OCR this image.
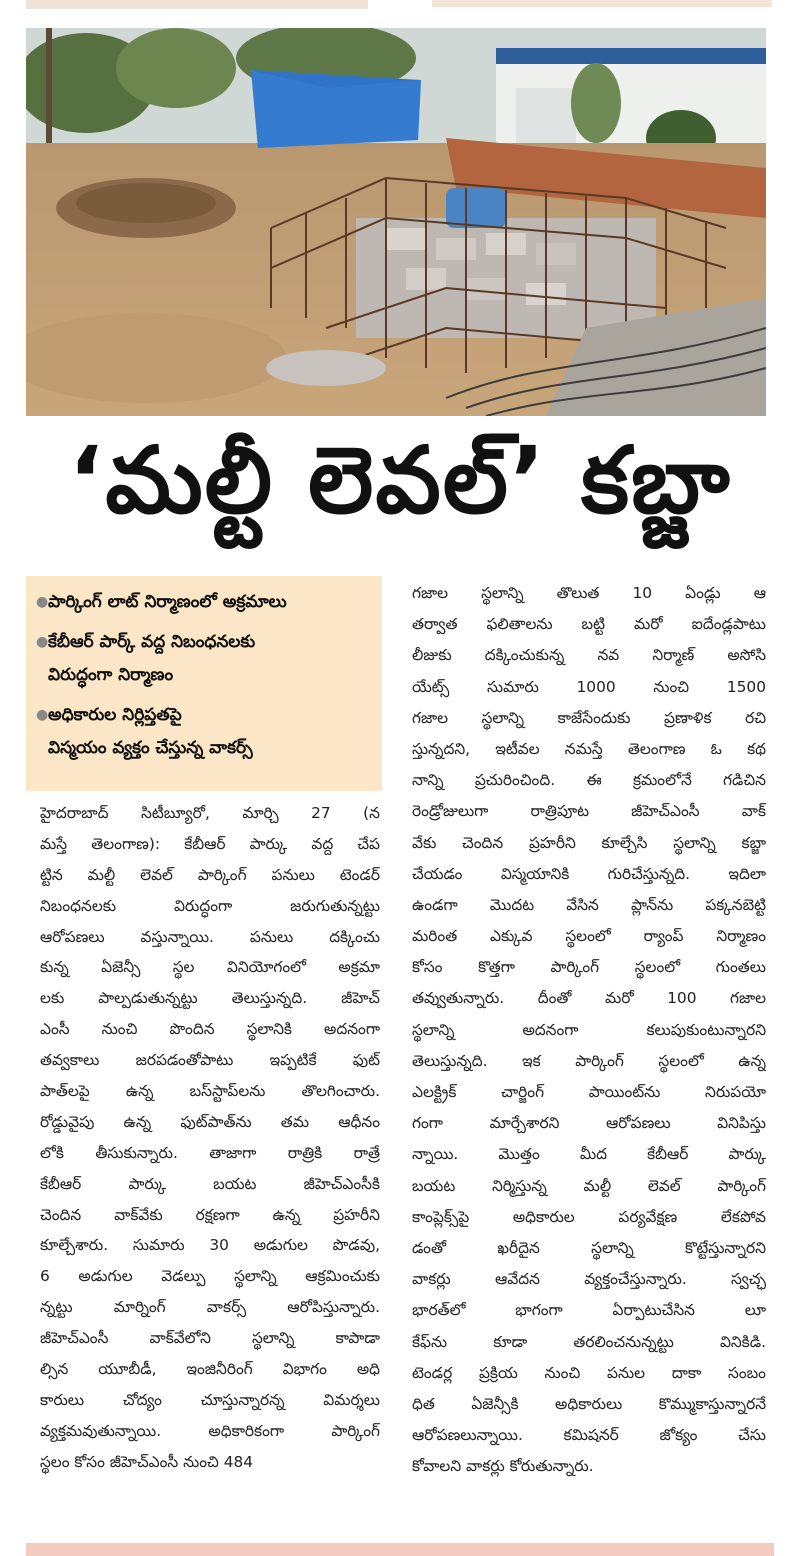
‘మల్టీ లెవల్’ కబ్జా
● పార్కింగ్ లాట్ నిర్మాణంలో అక్రమాలు
● కేబీఆర్ పార్క్ వద్ద నిబంధనలకు
విరుద్ధంగా నిర్మాణం
● అధికారుల నిర్లిప్తతపై
విస్మయం వ్యక్తం చేస్తున్న వాకర్స్
హైదరాబాద్ సిటీబ్యూరో, మార్చి 27 (న
మస్తే తెలంగాణ): కేబీఆర్ పార్కు వద్ద చేప
ట్టిన మల్టీ లెవల్ పార్కింగ్ పనులు టెండర్
నిబంధనలకు విరుద్ధంగా జరుగుతున్నట్టు
ఆరోపణలు వస్తున్నాయి. పనులు దక్కించు
కున్న ఏజెన్సీ స్థల వినియోగంలో అక్రమా
లకు పాల్పడుతున్నట్టు తెలుస్తున్నది. జీహెచ్
ఎంసీ నుంచి పొందిన స్థలానికి అదనంగా
తవ్వకాలు జరపడంతోపాటు ఇప్పటికే ఫుట్
పాత్‌లపై ఉన్న బస్‌స్టాప్‌లను తొలగించారు.
రోడ్డువైపు ఉన్న ఫుట్‌పాత్‌ను తమ ఆధీనం
లోకి తీసుకున్నారు. తాజాగా రాత్రికి రాత్రే
కేబీఆర్ పార్కు బయట జీహెచ్‌ఎంసీకి
చెందిన వాక్‌వేకు రక్షణగా ఉన్న ప్రహరీని
కూల్చేశారు. సుమారు 30 అడుగుల పొడవు,
6 అడుగుల వెడల్పు స్థలాన్ని ఆక్రమించుకు
న్నట్టు మార్నింగ్ వాకర్స్ ఆరోపిస్తున్నారు.
జీహెచ్‌ఎంసీ వాక్‌వేలోని స్థలాన్ని కాపాడా
ల్సిన యూబీడీ, ఇంజినీరింగ్ విభాగం అధి
కారులు చోద్యం చూస్తున్నారన్న విమర్శలు
వ్యక్తమవుతున్నాయి. అధికారికంగా పార్కింగ్
స్థలం కోసం జీహెచ్‌ఎంసీ నుంచి 484
గజాల స్థలాన్ని తొలుత 10 ఏండ్లు ఆ
తర్వాత ఫలితాలను బట్టి మరో ఐదేండ్లపాటు
లీజుకు దక్కించుకున్న నవ నిర్మాణ్ అసోసి
యేట్స్ సుమారు 1000 నుంచి 1500
గజాల స్థలాన్ని కాజేసేందుకు ప్రణాళిక రచి
స్తున్నదని, ఇటీవల నమస్తే తెలంగాణ ఓ కథ
నాన్ని ప్రచురించింది. ఈ క్రమంలోనే గడిచిన
రెండ్రోజులుగా రాత్రిపూట జీహెచ్‌ఎంసీ వాక్
వేకు చెందిన ప్రహరీని కూల్చేసి స్థలాన్ని కబ్జా
చేయడం విస్మయానికి గురిచేస్తున్నది. ఇదిలా
ఉండగా మొదట వేసిన ప్లాన్‌ను పక్కనబెట్టి
మరింత ఎక్కువ స్థలంలో ర్యాంప్ నిర్మాణం
కోసం కొత్తగా పార్కింగ్ స్థలంలో గుంతలు
తవ్వుతున్నారు. దీంతో మరో 100 గజాల
స్థలాన్ని అదనంగా కలుపుకుంటున్నారని
తెలుస్తున్నది. ఇక పార్కింగ్ స్థలంలో ఉన్న
ఎలక్ట్రిక్ చార్జింగ్ పాయింట్‌ను నిరుపయో
గంగా మార్చేశారని ఆరోపణలు వినిపిస్తు
న్నాయి. మొత్తం మీద కేబీఆర్ పార్కు
బయట నిర్మిస్తున్న మల్టీ లెవల్ పార్కింగ్
కాంప్లెక్స్‌పై అధికారుల పర్యవేక్షణ లేకపోవ
డంతో ఖరీదైన స్థలాన్ని కొట్టేస్తున్నారని
వాకర్లు ఆవేదన వ్యక్తంచేస్తున్నారు. స్వచ్ఛ
భారత్‌లో భాగంగా ఏర్పాటుచేసిన లూ
కేఫ్‌ను కూడా తరలించనున్నట్టు వినికిడి.
టెండర్ల ప్రక్రియ నుంచి పనుల దాకా సంబం
ధిత ఏజెన్సీకి అధికారులు కొమ్ముకాస్తున్నారనే
ఆరోపణలున్నాయి. కమిషనర్ జోక్యం చేసు
కోవాలని వాకర్లు కోరుతున్నారు.
